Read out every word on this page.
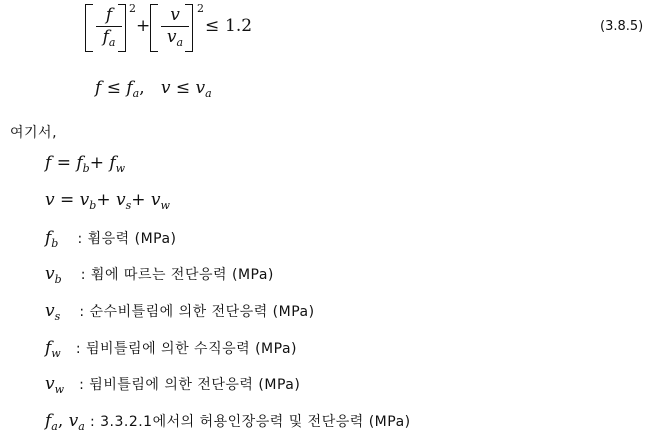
f
$f_a$
2
+
v
$v_a$
2
≤ 1.2	(3.8.5)
$f \le f_a$, $v \le v_a$
여기서,
$f = f_b+ f_w$
$v = v_b+ v_s+ v_w$
$f_b$ : 휨응력 (MPa)
$v_b$ : 휨에 따르는 전단응력 (MPa)
$v_s$ : 순수비틀림에 의한 전단응력 (MPa)
$f_w$ : 뒴비틀림에 의한 수직응력 (MPa)
$v_w$ : 뒴비틀림에 의한 전단응력 (MPa)
$f_a$, $v_a$ : 3.3.2.1에서의 허용인장응력 및 전단응력 (MPa)
